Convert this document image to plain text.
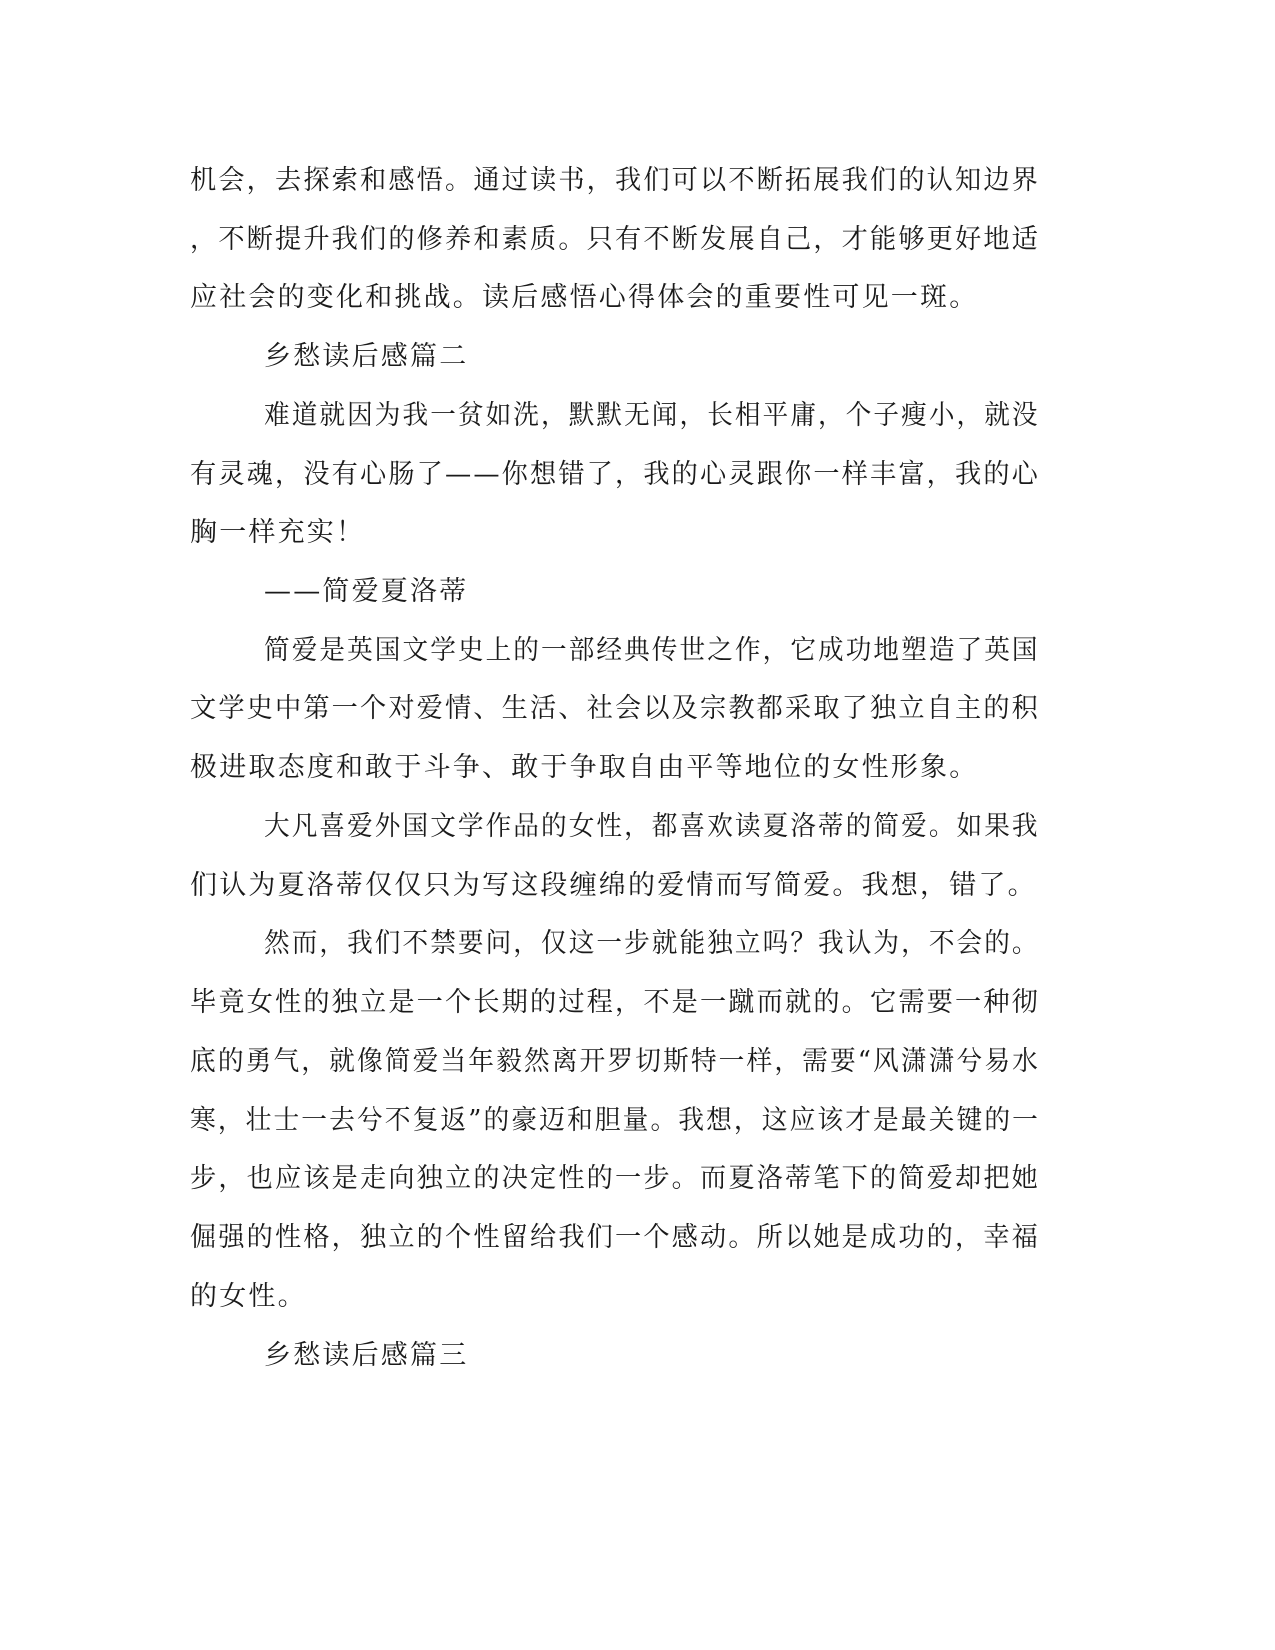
机会，去探索和感悟。通过读书，我们可以不断拓展我们的认知边界
，不断提升我们的修养和素质。只有不断发展自己，才能够更好地适
应社会的变化和挑战。读后感悟心得体会的重要性可见一斑。
乡愁读后感篇二
难道就因为我一贫如洗，默默无闻，长相平庸，个子瘦小，就没
有灵魂，没有心肠了——你想错了，我的心灵跟你一样丰富，我的心
胸一样充实！
——简爱夏洛蒂
简爱是英国文学史上的一部经典传世之作，它成功地塑造了英国
文学史中第一个对爱情、生活、社会以及宗教都采取了独立自主的积
极进取态度和敢于斗争、敢于争取自由平等地位的女性形象。
大凡喜爱外国文学作品的女性，都喜欢读夏洛蒂的简爱。如果我
们认为夏洛蒂仅仅只为写这段缠绵的爱情而写简爱。我想，错了。
然而，我们不禁要问，仅这一步就能独立吗？我认为，不会的。
毕竟女性的独立是一个长期的过程，不是一蹴而就的。它需要一种彻
底的勇气，就像简爱当年毅然离开罗切斯特一样，需要“风潇潇兮易水
寒，壮士一去兮不复返”的豪迈和胆量。我想，这应该才是最关键的一
步，也应该是走向独立的决定性的一步。而夏洛蒂笔下的简爱却把她
倔强的性格，独立的个性留给我们一个感动。所以她是成功的，幸福
的女性。
乡愁读后感篇三
